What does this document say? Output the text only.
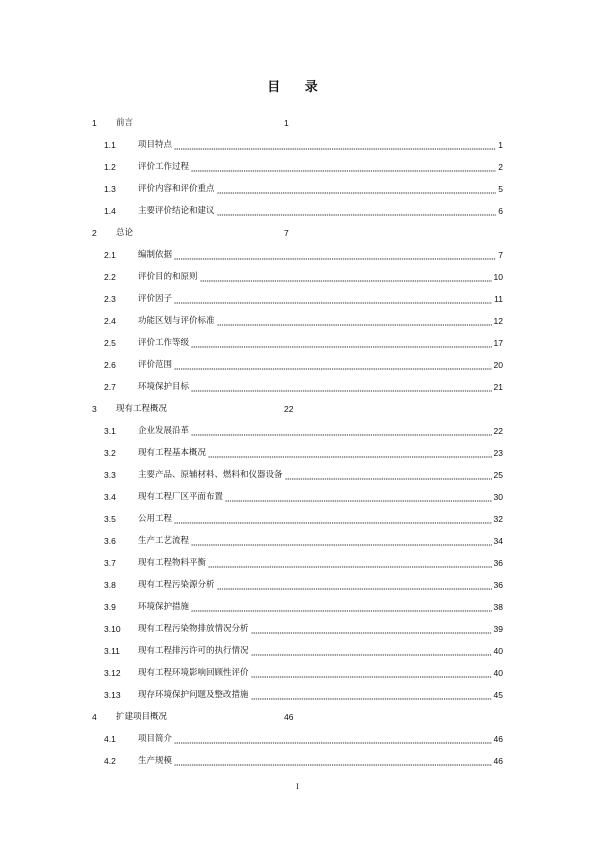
目 录
1 前言	1
1.1	项目特点	1
1.2	评价工作过程	2
1.3	评价内容和评价重点	5
1.4	主要评价结论和建议	6
2 总论	7
2.1	编制依据	7
2.2	评价目的和原则	10
2.3	评价因子	11
2.4	功能区划与评价标准	12
2.5	评价工作等级	17
2.6	评价范围	20
2.7	环境保护目标	21
3 现有工程概况	22
3.1	企业发展沿革	22
3.2	现有工程基本概况	23
3.3	主要产品、原辅材料、燃料和仪器设备	25
3.4	现有工程厂区平面布置	30
3.5	公用工程	32
3.6	生产工艺流程	34
3.7	现有工程物料平衡	36
3.8	现有工程污染源分析	36
3.9	环境保护措施	38
3.10 现有工程污染物排放情况分析	39
3.11 现有工程排污许可的执行情况	40
3.12 现有工程环境影响回顾性评价	40
3.13 现存环境保护问题及整改措施	45
4 扩建项目概况	46
4.1	项目简介	46
4.2	生产规模	46
I
